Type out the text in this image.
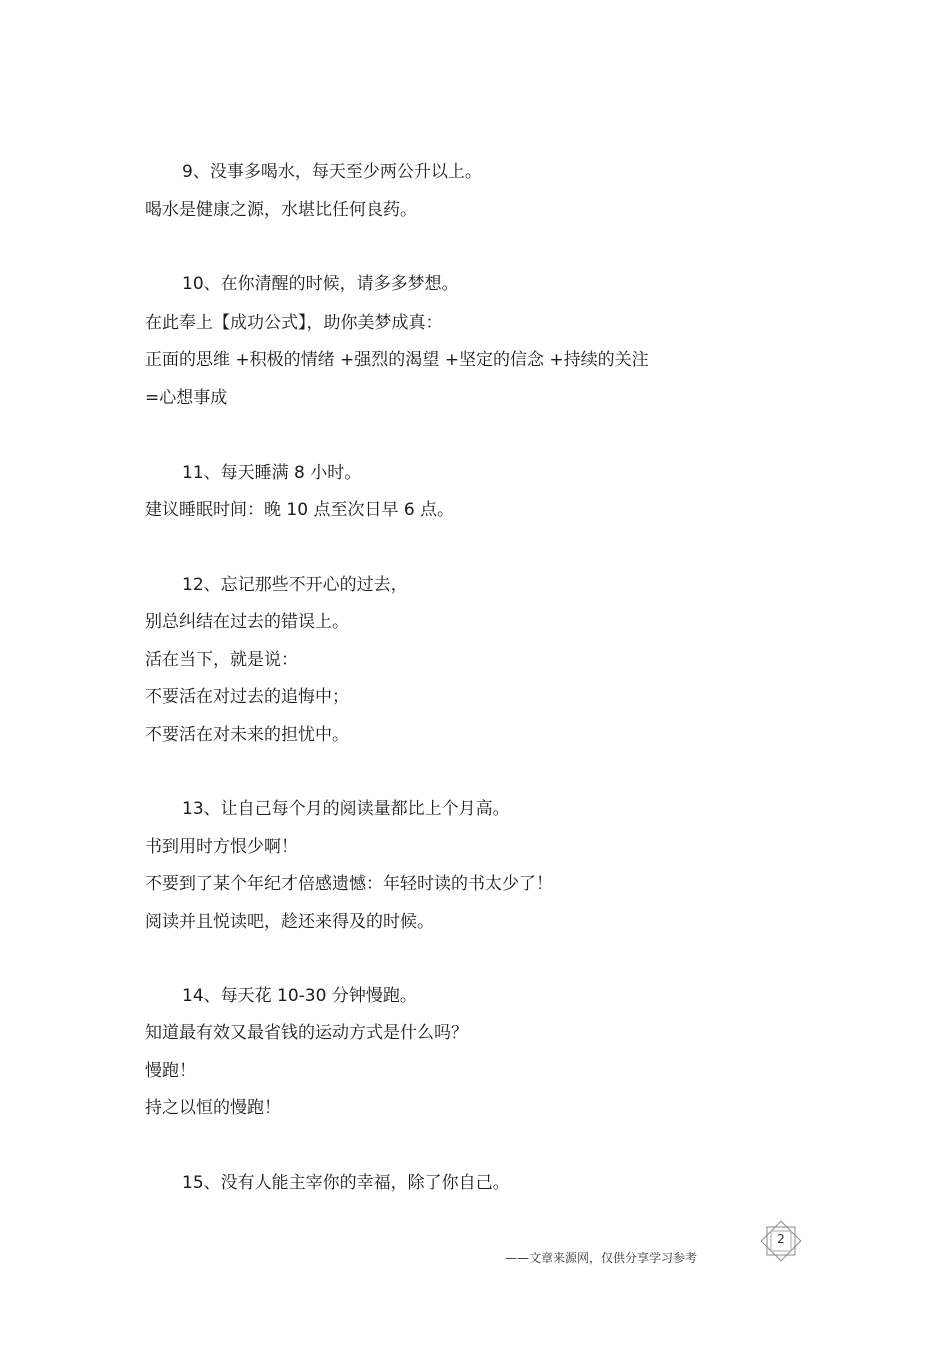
9、没事多喝水，每天至少两公升以上。
喝水是健康之源，水堪比任何良药。
10、在你清醒的时候，请多多梦想。
在此奉上【成功公式】，助你美梦成真：
正面的思维 +积极的情绪 +强烈的渴望 +坚定的信念 +持续的关注
=心想事成
11、每天睡满 8 小时。
建议睡眠时间：晚 10 点至次日早 6 点。
12、忘记那些不开心的过去，
别总纠结在过去的错误上。
活在当下，就是说：
不要活在对过去的追悔中；
不要活在对未来的担忧中。
13、让自己每个月的阅读量都比上个月高。
书到用时方恨少啊！
不要到了某个年纪才倍感遗憾：年轻时读的书太少了！
阅读并且悦读吧，趁还来得及的时候。
14、每天花 10-30 分钟慢跑。
知道最有效又最省钱的运动方式是什么吗？
慢跑！
持之以恒的慢跑！
15、没有人能主宰你的幸福，除了你自己。
2
——文章来源网，仅供分享学习参考
